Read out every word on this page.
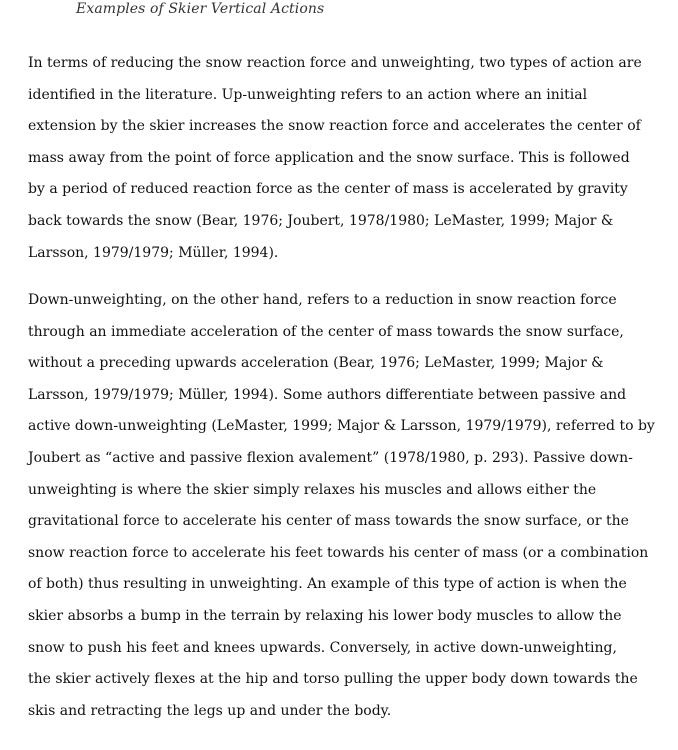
Examples of Skier Vertical Actions

In terms of reducing the snow reaction force and unweighting, two types of action are
identified in the literature. Up-unweighting refers to an action where an initial
extension by the skier increases the snow reaction force and accelerates the center of
mass away from the point of force application and the snow surface. This is followed
by a period of reduced reaction force as the center of mass is accelerated by gravity
back towards the snow (Bear, 1976; Joubert, 1978/1980; LeMaster, 1999; Major &
Larsson, 1979/1979; Müller, 1994).

Down-unweighting, on the other hand, refers to a reduction in snow reaction force
through an immediate acceleration of the center of mass towards the snow surface,
without a preceding upwards acceleration (Bear, 1976; LeMaster, 1999; Major &
Larsson, 1979/1979; Müller, 1994). Some authors differentiate between passive and
active down-unweighting (LeMaster, 1999; Major & Larsson, 1979/1979), referred to by
Joubert as “active and passive flexion avalement” (1978/1980, p. 293). Passive down-
unweighting is where the skier simply relaxes his muscles and allows either the
gravitational force to accelerate his center of mass towards the snow surface, or the
snow reaction force to accelerate his feet towards his center of mass (or a combination
of both) thus resulting in unweighting. An example of this type of action is when the
skier absorbs a bump in the terrain by relaxing his lower body muscles to allow the
snow to push his feet and knees upwards. Conversely, in active down-unweighting,
the skier actively flexes at the hip and torso pulling the upper body down towards the
skis and retracting the legs up and under the body.
